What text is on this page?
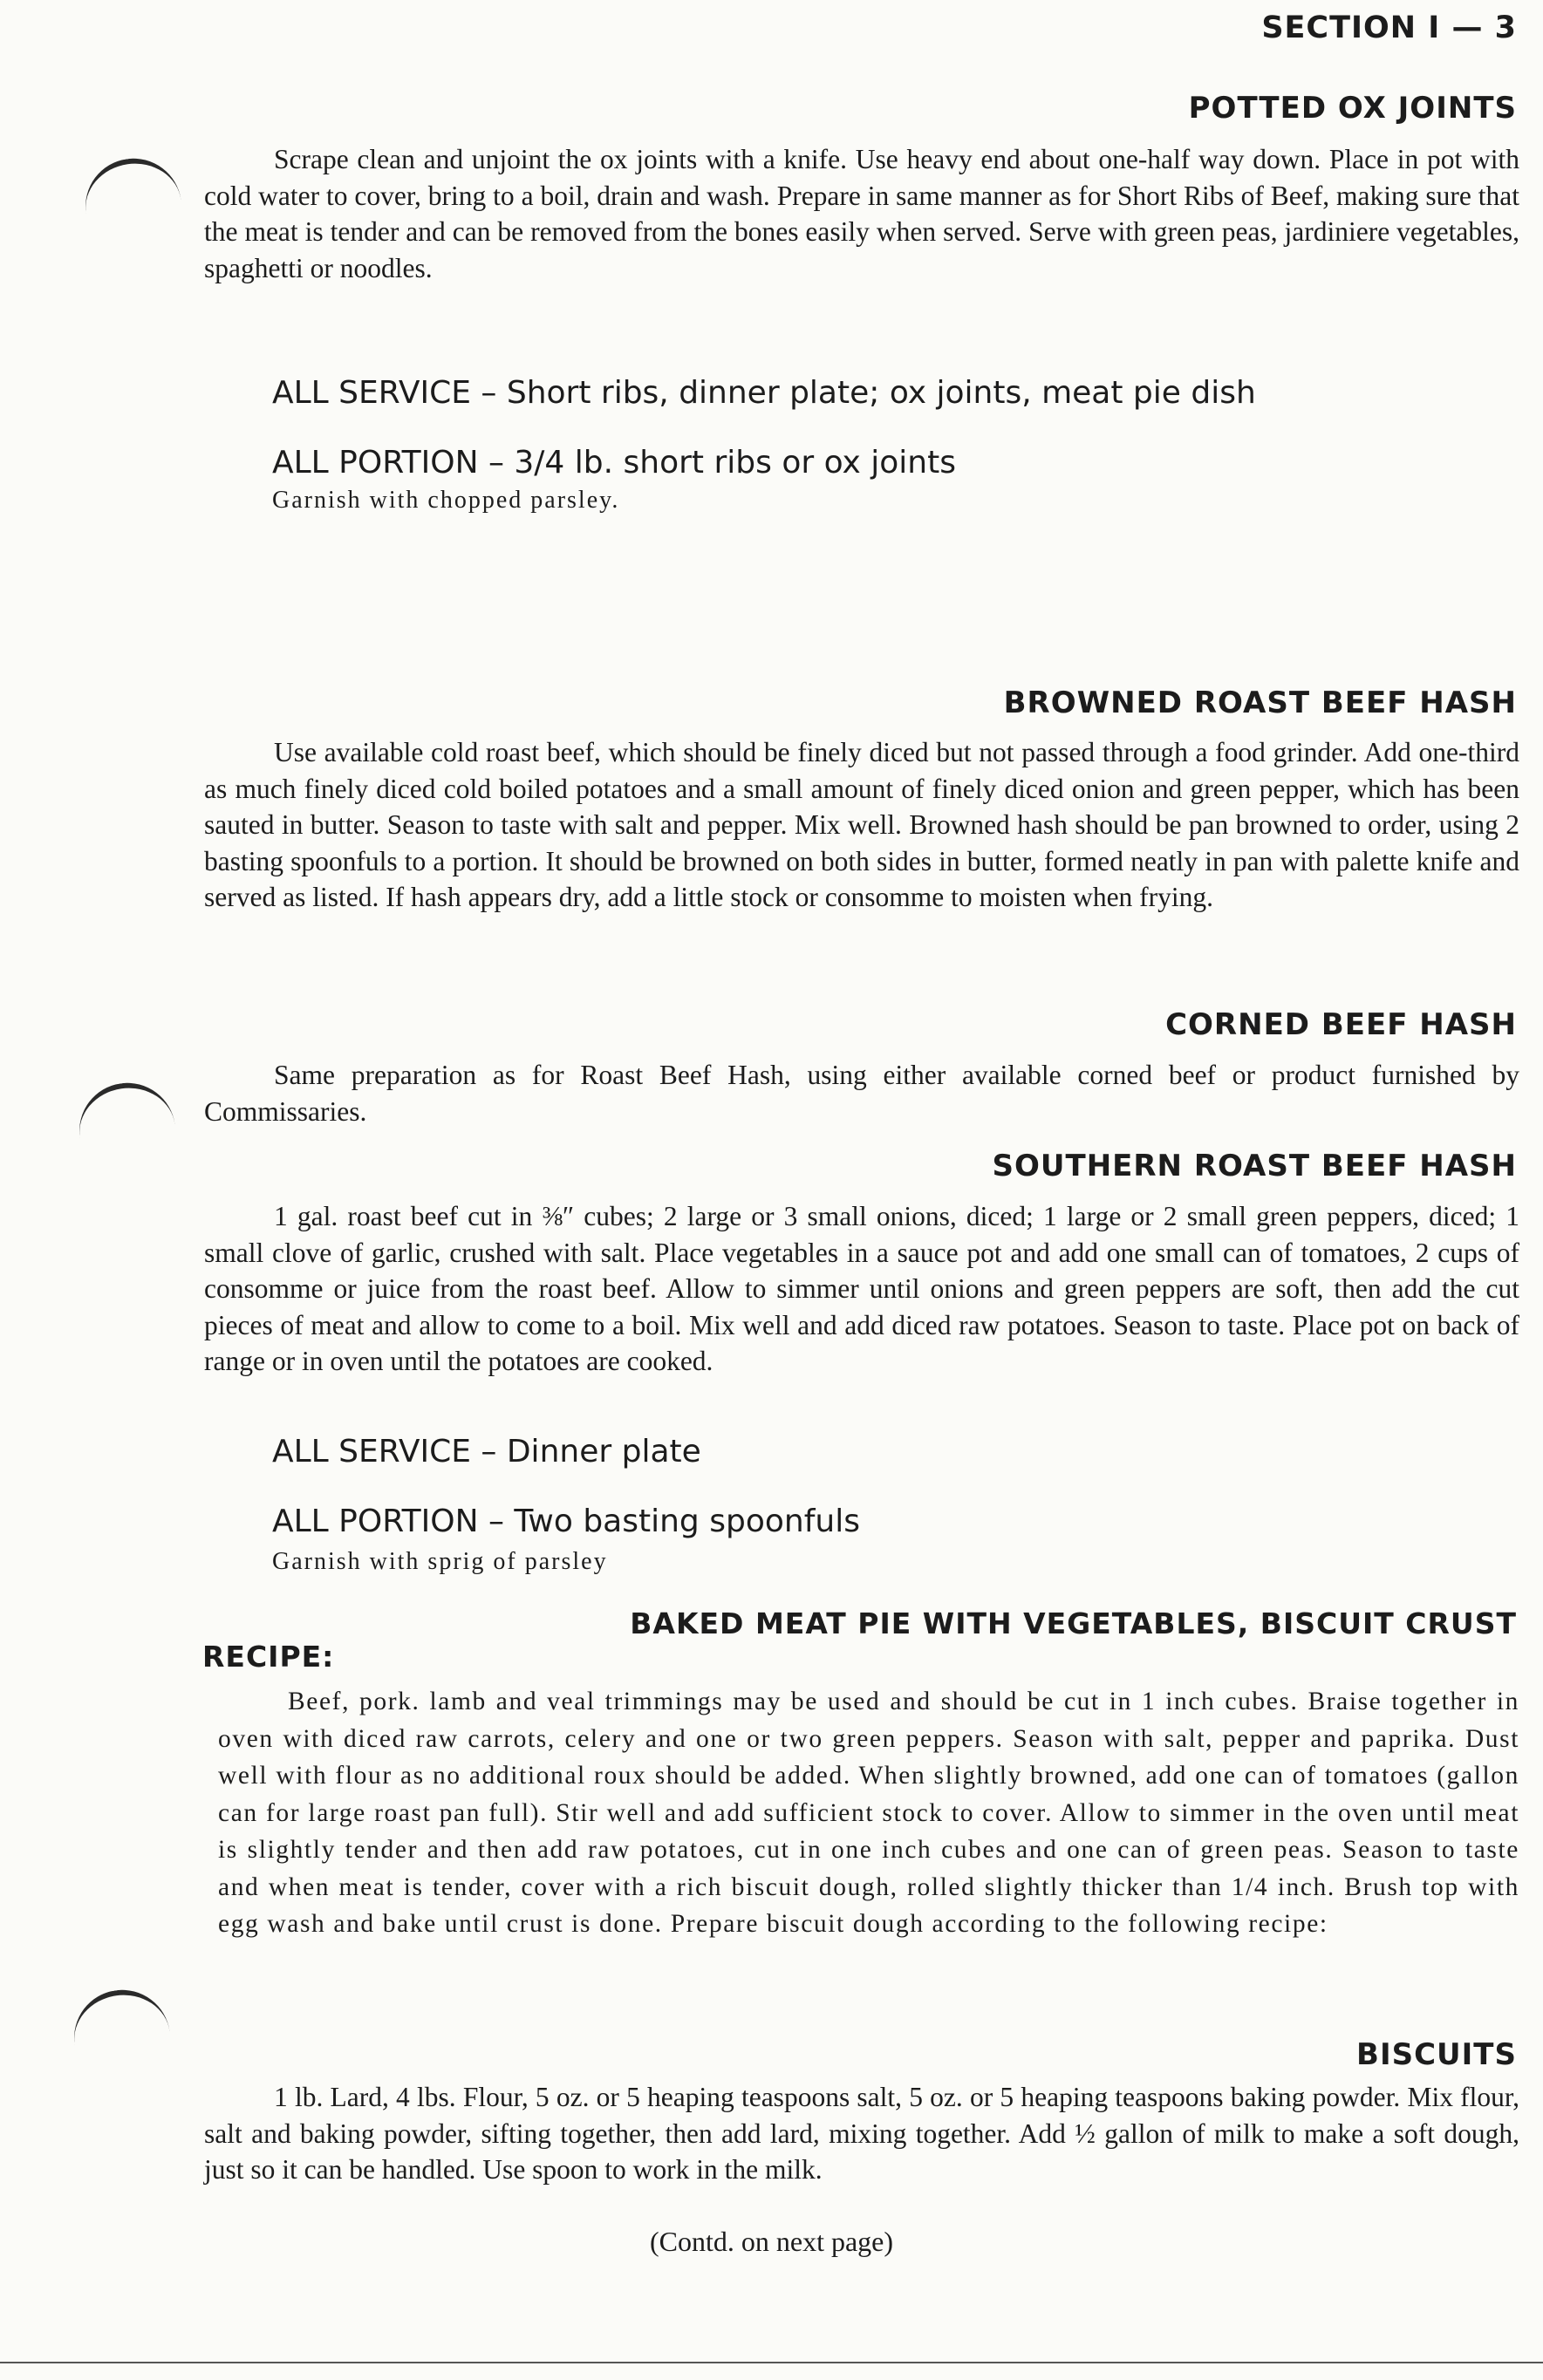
SECTION I — 3
POTTED OX JOINTS

Scrape clean and unjoint the ox joints with a knife. Use heavy end about one-half way down. Place in pot with cold water to cover, bring to a boil, drain and wash. Prepare in same manner as for Short Ribs of Beef, making sure that the meat is tender and can be removed from the bones easily when served. Serve with green peas, jardiniere vegetables, spaghetti or noodles.

ALL SERVICE – Short ribs, dinner plate; ox joints, meat pie dish
ALL PORTION – 3/4 lb. short ribs or ox joints
Garnish with chopped parsley.
BROWNED ROAST BEEF HASH

Use available cold roast beef, which should be finely diced but not passed through a food grinder. Add one-third as much finely diced cold boiled potatoes and a small amount of finely diced onion and green pepper, which has been sauted in butter. Season to taste with salt and pepper. Mix well. Browned hash should be pan browned to order, using 2 basting spoonfuls to a portion. It should be browned on both sides in butter, formed neatly in pan with palette knife and served as listed. If hash appears dry, add a little stock or consomme to moisten when frying.

CORNED BEEF HASH

Same preparation as for Roast Beef Hash, using either available corned beef or product furnished by Commissaries.

SOUTHERN ROAST BEEF HASH

1 gal. roast beef cut in ⅜″ cubes; 2 large or 3 small onions, diced; 1 large or 2 small green peppers, diced; 1 small clove of garlic, crushed with salt. Place vegetables in a sauce pot and add one small can of tomatoes, 2 cups of consomme or juice from the roast beef. Allow to simmer until onions and green peppers are soft, then add the cut pieces of meat and allow to come to a boil. Mix well and add diced raw potatoes. Season to taste. Place pot on back of range or in oven until the potatoes are cooked.

ALL SERVICE – Dinner plate
ALL PORTION – Two basting spoonfuls
Garnish with sprig of parsley
RECIPE:
BAKED MEAT PIE WITH VEGETABLES, BISCUIT CRUST

Beef, pork. lamb and veal trimmings may be used and should be cut in 1 inch cubes. Braise together in oven with diced raw carrots, celery and one or two green peppers. Season with salt, pepper and paprika. Dust well with flour as no additional roux should be added. When slightly browned, add one can of tomatoes (gallon can for large roast pan full). Stir well and add sufficient stock to cover. Allow to simmer in the oven until meat is slightly tender and then add raw potatoes, cut in one inch cubes and one can of green peas. Season to taste and when meat is tender, cover with a rich biscuit dough, rolled slightly thicker than 1/4 inch. Brush top with egg wash and bake until crust is done. Prepare biscuit dough according to the following recipe:

BISCUITS

1 lb. Lard, 4 lbs. Flour, 5 oz. or 5 heaping teaspoons salt, 5 oz. or 5 heaping teaspoons baking powder. Mix flour, salt and baking powder, sifting together, then add lard, mixing together. Add ½ gallon of milk to make a soft dough, just so it can be handled. Use spoon to work in the milk.

(Contd. on next page)
